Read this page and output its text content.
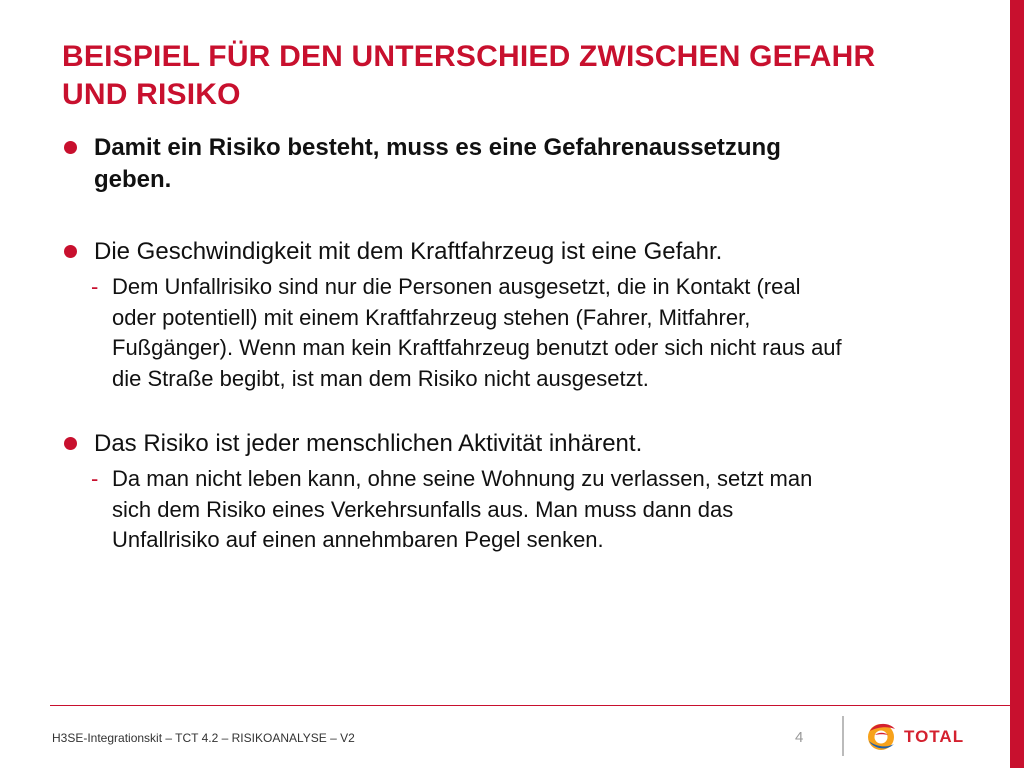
BEISPIEL FÜR DEN UNTERSCHIED ZWISCHEN GEFAHR
UND RISIKO
Damit ein Risiko besteht, muss es eine Gefahrenaussetzung
geben.
Die Geschwindigkeit mit dem Kraftfahrzeug ist eine Gefahr.
- Dem Unfallrisiko sind nur die Personen ausgesetzt, die in Kontakt (real
oder potentiell) mit einem Kraftfahrzeug stehen (Fahrer, Mitfahrer,
Fußgänger). Wenn man kein Kraftfahrzeug benutzt oder sich nicht raus auf
die Straße begibt, ist man dem Risiko nicht ausgesetzt.
Das Risiko ist jeder menschlichen Aktivität inhärent.
- Da man nicht leben kann, ohne seine Wohnung zu verlassen, setzt man
sich dem Risiko eines Verkehrsunfalls aus. Man muss dann das
Unfallrisiko auf einen annehmbaren Pegel senken.
H3SE-Integrationskit – TCT 4.2 – RISIKOANALYSE – V2	4	TOTAL
